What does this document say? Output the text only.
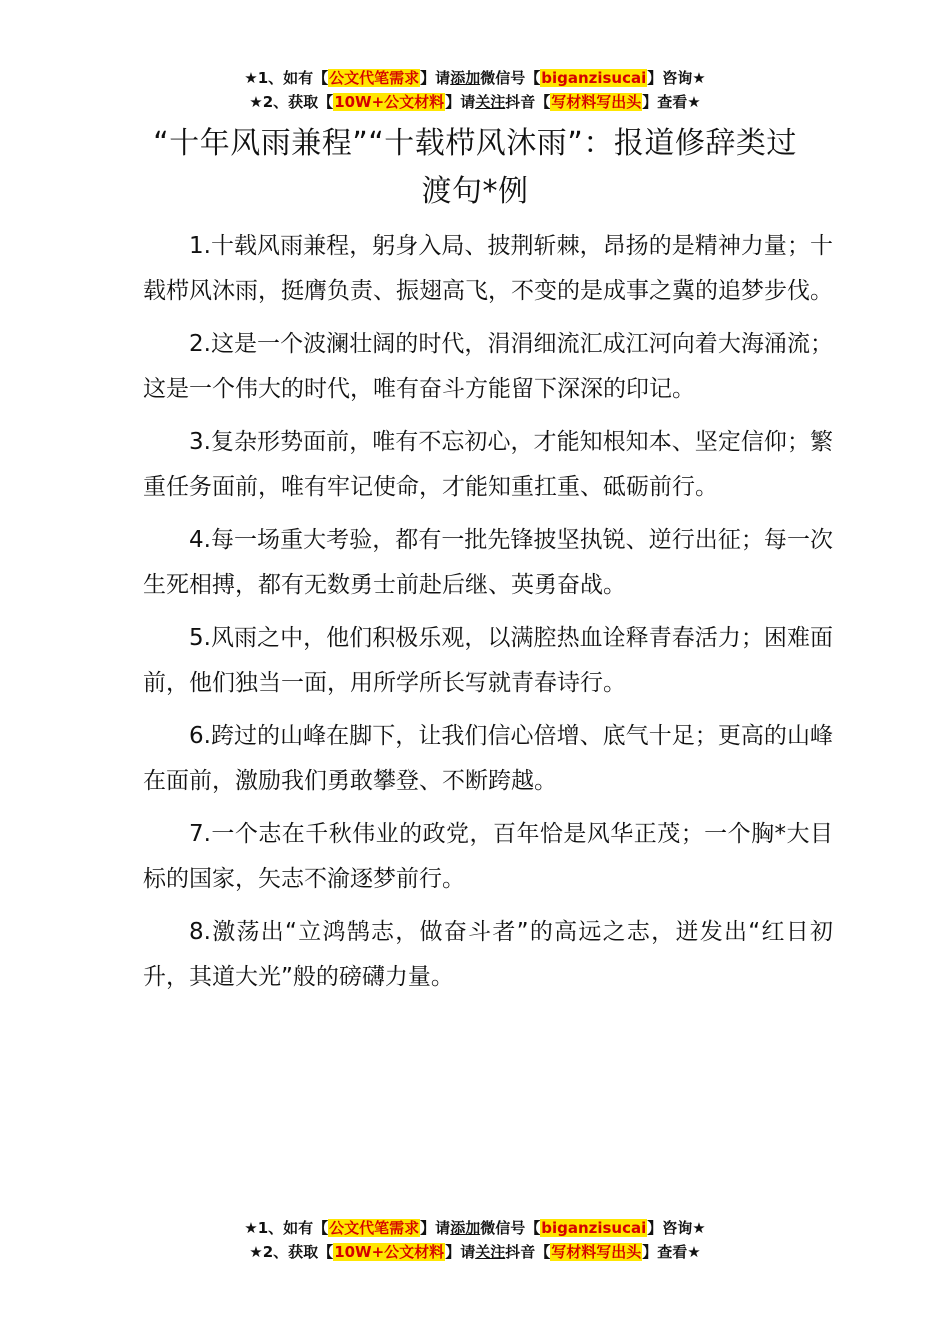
★1、如有【公文代笔需求】请添加微信号【biganzisucai】咨询★
★2、获取【10W+公文材料】请关注抖音【写材料写出头】查看★
“十年风雨兼程”“十载栉风沐雨”：报道修辞类过渡句*例

1.十载风雨兼程，躬身入局、披荆斩棘，昂扬的是精神力量；十载栉风沐雨，挺膺负责、振翅高飞，不变的是成事之冀的追梦步伐。

2.这是一个波澜壮阔的时代，涓涓细流汇成江河向着大海涌流；这是一个伟大的时代，唯有奋斗方能留下深深的印记。

3.复杂形势面前，唯有不忘初心，才能知根知本、坚定信仰；繁重任务面前，唯有牢记使命，才能知重扛重、砥砺前行。

4.每一场重大考验，都有一批先锋披坚执锐、逆行出征；每一次生死相搏，都有无数勇士前赴后继、英勇奋战。

5.风雨之中，他们积极乐观，以满腔热血诠释青春活力；困难面前，他们独当一面，用所学所长写就青春诗行。

6.跨过的山峰在脚下，让我们信心倍增、底气十足；更高的山峰在面前，激励我们勇敢攀登、不断跨越。

7.一个志在千秋伟业的政党，百年恰是风华正茂；一个胸*大目标的国家，矢志不渝逐梦前行。

8.激荡出“立鸿鹄志，做奋斗者”的高远之志，迸发出“红日初升，其道大光”般的磅礴力量。

★1、如有【公文代笔需求】请添加微信号【biganzisucai】咨询★
★2、获取【10W+公文材料】请关注抖音【写材料写出头】查看★
